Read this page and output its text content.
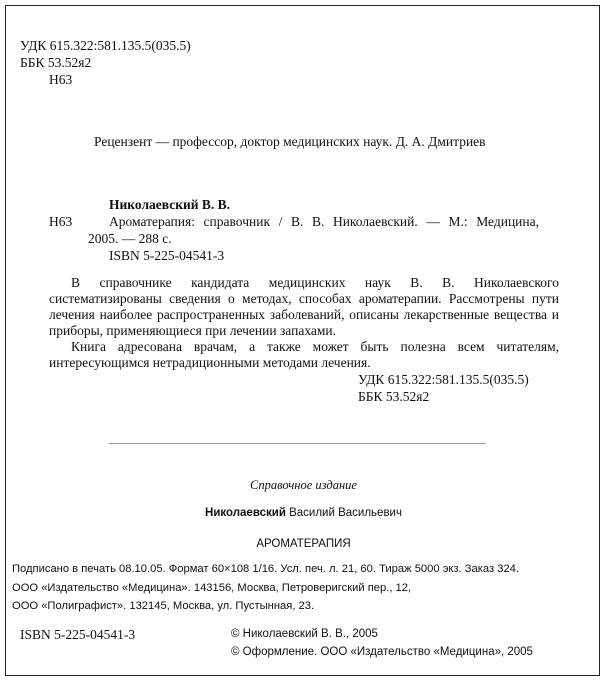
УДК 615.322:581.135.5(035.5)
ББК 53.52я2
Н63
Рецензент — профессор, доктор медицинских наук. Д. А. Дмитриев
Николаевский В. В.
Н63	Ароматерапия: справочник / В. В. Николаевский. — М.: Медицина,
2005. — 288 с.
ISBN 5-225-04541-3

В справочнике кандидата медицинских наук В. В. Николаевского систематизированы сведения о методах, способах ароматерапии. Рассмотрены пути лечения наиболее распространенных заболеваний, описаны лекарственные вещества и приборы, применяющиеся при лечении запахами.

Книга адресована врачам, а также может быть полезна всем читателям, интересующимся нетрадиционными методами лечения.

УДК 615.322:581.135.5(035.5)
ББК 53.52я2
Справочное издание
Николаевский Василий Васильевич
АРОМАТЕРАПИЯ
Подписано в печать 08.10.05. Формат 60×108 1/16. Усл. печ. л. 21, 60. Тираж 5000 экз. Заказ 324.
ООО «Издательство «Медицина». 143156, Москва, Петроверигский пер., 12,
ООО «Полиграфист». 132145, Москва, ул. Пустынная, 23.
ISBN 5-225-04541-3	© Николаевский В. В., 2005
© Оформление. ООО «Издательство «Медицина», 2005
